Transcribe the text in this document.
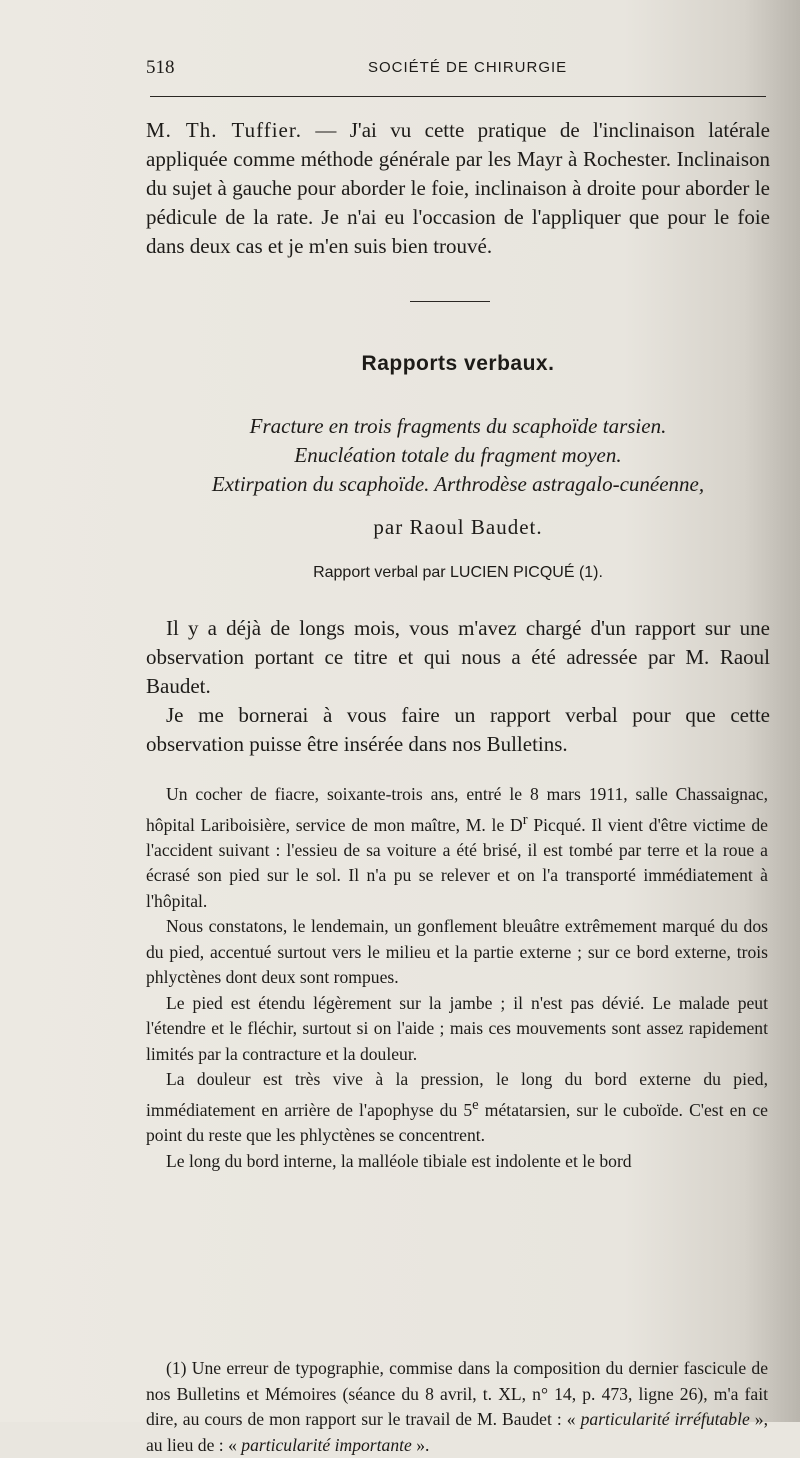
518	SOCIÉTÉ DE CHIRURGIE
M. Th. Tuffier. — J'ai vu cette pratique de l'inclinaison latérale appliquée comme méthode générale par les Mayr à Rochester. Inclinaison du sujet à gauche pour aborder le foie, inclinaison à droite pour aborder le pédicule de la rate. Je n'ai eu l'occasion de l'appliquer que pour le foie dans deux cas et je m'en suis bien trouvé.
Rapports verbaux.
Fracture en trois fragments du scaphoïde tarsien.
Enucléation totale du fragment moyen.
Extirpation du scaphoïde. Arthrodèse astragalo-cunéenne,
par Raoul Baudet.
Rapport verbal par LUCIEN PICQUÉ (1).
Il y a déjà de longs mois, vous m'avez chargé d'un rapport sur une observation portant ce titre et qui nous a été adressée par M. Raoul Baudet.
Je me bornerai à vous faire un rapport verbal pour que cette observation puisse être insérée dans nos Bulletins.
Un cocher de fiacre, soixante-trois ans, entré le 8 mars 1911, salle Chassaignac, hôpital Lariboisière, service de mon maître, M. le $D^r$ Picqué. Il vient d'être victime de l'accident suivant : l'essieu de sa voiture a été brisé, il est tombé par terre et la roue a écrasé son pied sur le sol. Il n'a pu se relever et on l'a transporté immédiatement à l'hôpital.
Nous constatons, le lendemain, un gonflement bleuâtre extrêmement marqué du dos du pied, accentué surtout vers le milieu et la partie externe ; sur ce bord externe, trois phlyctènes dont deux sont rompues.
Le pied est étendu légèrement sur la jambe ; il n'est pas dévié. Le malade peut l'étendre et le fléchir, surtout si on l'aide ; mais ces mouvements sont assez rapidement limités par la contracture et la douleur.
La douleur est très vive à la pression, le long du bord externe du pied, immédiatement en arrière de l'apophyse du 5e métatarsien, sur le cuboïde. C'est en ce point du reste que les phlyctènes se concentrent.
Le long du bord interne, la malléole tibiale est indolente et le bord
(1) Une erreur de typographie, commise dans la composition du dernier fascicule de nos Bulletins et Mémoires (séance du 8 avril, t. XL, n° 14, p. 473, ligne 26), m'a fait dire, au cours de mon rapport sur le travail de M. Baudet : « particularité irréfutable », au lieu de : « particularité importante ».
